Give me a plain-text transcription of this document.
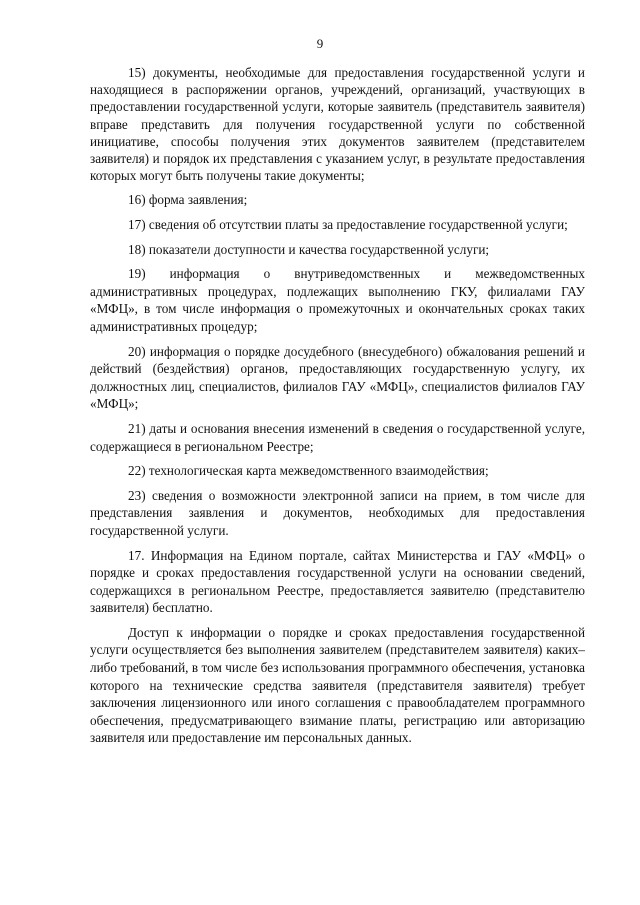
9

15) документы, необходимые для предоставления государственной услуги и находящиеся в распоряжении органов, учреждений, организаций, участвующих в предоставлении государственной услуги, которые заявитель (представитель заявителя) вправе представить для получения государственной услуги по собственной инициативе, способы получения этих документов заявителем (представителем заявителя) и порядок их представления с указанием услуг, в результате предоставления которых могут быть получены такие документы;

16) форма заявления;

17) сведения об отсутствии платы за предоставление государственной услуги;

18) показатели доступности и качества государственной услуги;

19) информация о внутриведомственных и межведомственных административных процедурах, подлежащих выполнению ГКУ, филиалами ГАУ «МФЦ», в том числе информация о промежуточных и окончательных сроках таких административных процедур;

20) информация о порядке досудебного (внесудебного) обжалования решений и действий (бездействия) органов, предоставляющих государственную услугу, их должностных лиц, специалистов, филиалов ГАУ «МФЦ», специалистов филиалов ГАУ «МФЦ»;

21) даты и основания внесения изменений в сведения о государственной услуге, содержащиеся в региональном Реестре;

22) технологическая карта межведомственного взаимодействия;

23) сведения о возможности электронной записи на прием, в том числе для представления заявления и документов, необходимых для предоставления государственной услуги.

17. Информация на Едином портале, сайтах Министерства и ГАУ «МФЦ» о порядке и сроках предоставления государственной услуги на основании сведений, содержащихся в региональном Реестре, предоставляется заявителю (представителю заявителя) бесплатно.

Доступ к информации о порядке и сроках предоставления государственной услуги осуществляется без выполнения заявителем (представителем заявителя) каких–либо требований, в том числе без использования программного обеспечения, установка которого на технические средства заявителя (представителя заявителя) требует заключения лицензионного или иного соглашения с правообладателем программного обеспечения, предусматривающего взимание платы, регистрацию или авторизацию заявителя или предоставление им персональных данных.
